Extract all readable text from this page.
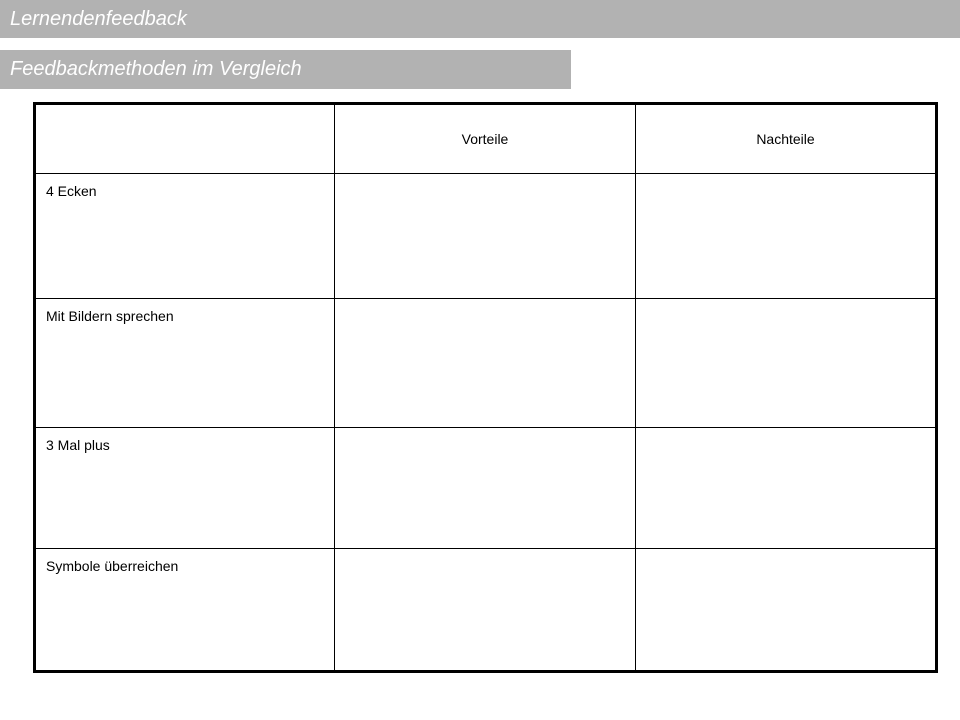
Lernendenfeedback
Feedbackmethoden im Vergleich
	Vorteile	Nachteile

4 Ecken		

Mit Bildern sprechen		

3 Mal plus		

Symbole überreichen		
